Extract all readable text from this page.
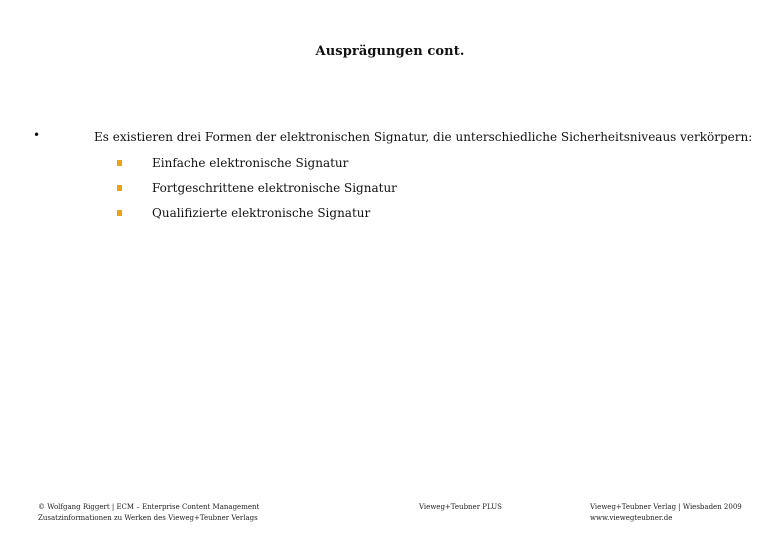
Ausprägungen cont.
•	Es existieren drei Formen der elektronischen Signatur, die unterschiedliche Sicherheitsniveaus verkörpern:
Einfache elektronische Signatur
Fortgeschrittene elektronische Signatur
Qualifizierte elektronische Signatur
© Wolfgang Riggert | ECM – Enterprise Content Management
Zusatzinformationen zu Werken des Vieweg+Teubner Verlags
Vieweg+Teubner PLUS	Vieweg+Teubner Verlag | Wiesbaden 2009
www.viewegteubner.de
